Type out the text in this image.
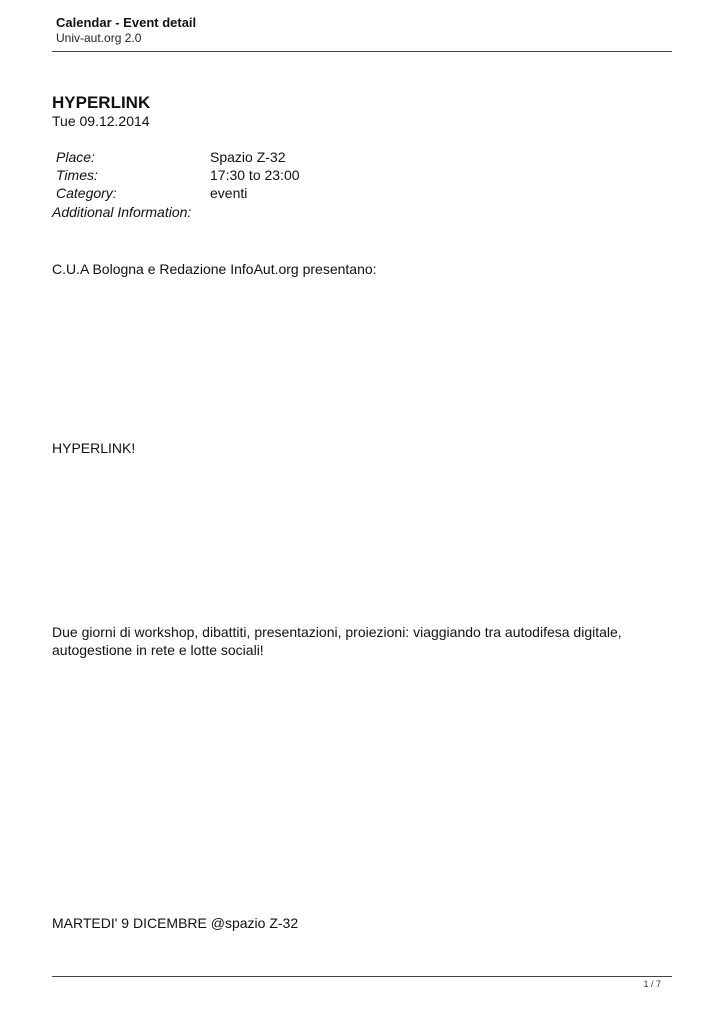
Calendar - Event detail
Univ-aut.org 2.0
HYPERLINK
Tue 09.12.2014
Place:	Spazio Z-32
Times:	17:30 to 23:00
Category:	eventi
Additional Information:
C.U.A Bologna e Redazione InfoAut.org presentano:
HYPERLINK!
Due giorni di workshop, dibattiti, presentazioni, proiezioni: viaggiando tra autodifesa digitale, autogestione in rete e lotte sociali!
MARTEDI' 9 DICEMBRE @spazio Z-32
1 / 7
